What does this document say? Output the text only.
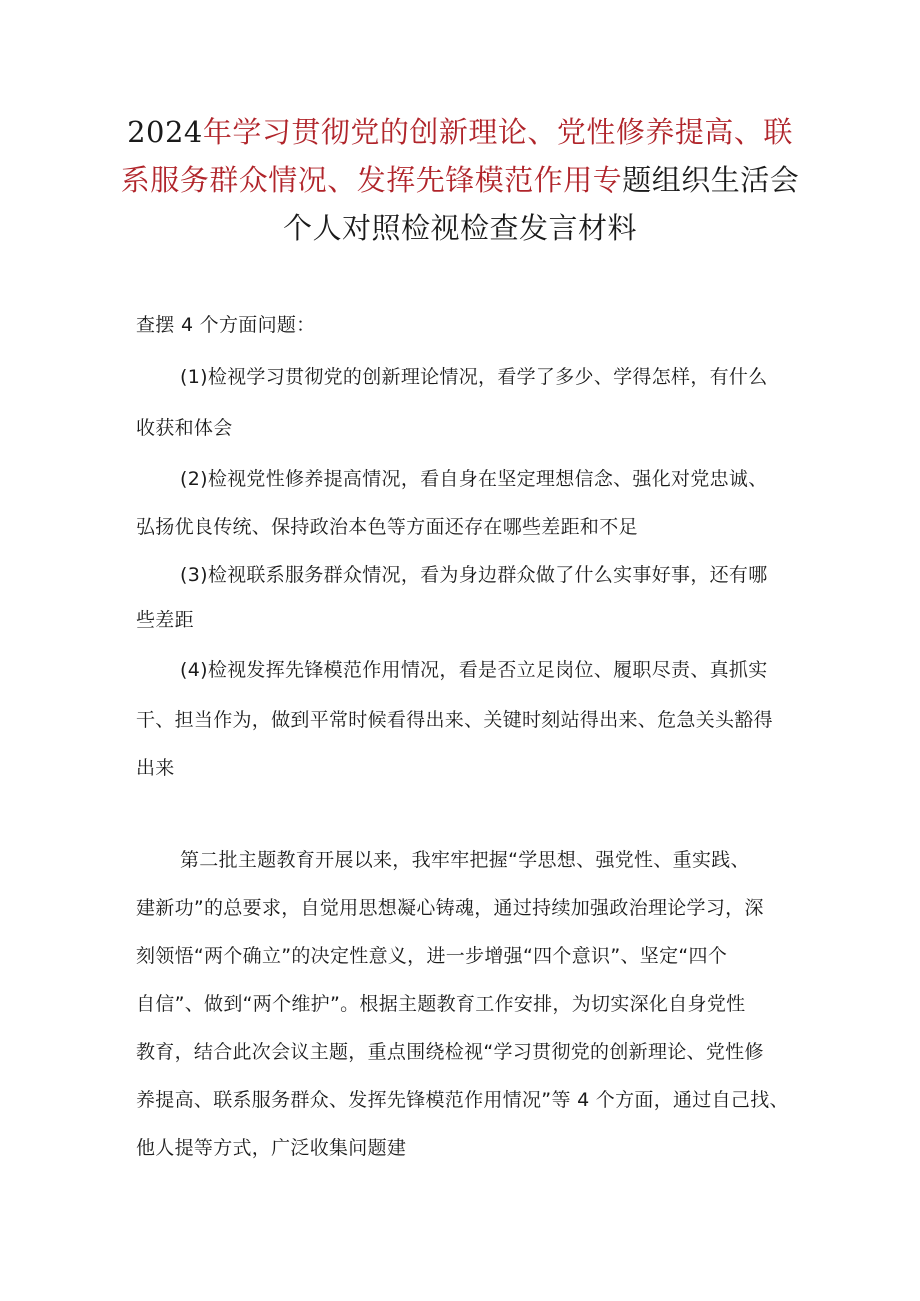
2024年学习贯彻党的创新理论、党性修养提高、联
系服务群众情况、发挥先锋模范作用专题组织生活会
个人对照检视检查发言材料
查摆 4 个方面问题：
(1)检视学习贯彻党的创新理论情况，看学了多少、学得怎样，有什么
收获和体会
(2)检视党性修养提高情况，看自身在坚定理想信念、强化对党忠诚、
弘扬优良传统、保持政治本色等方面还存在哪些差距和不足
(3)检视联系服务群众情况，看为身边群众做了什么实事好事，还有哪
些差距
(4)检视发挥先锋模范作用情况，看是否立足岗位、履职尽责、真抓实
干、担当作为，做到平常时候看得出来、关键时刻站得出来、危急关头豁得
出来
第二批主题教育开展以来，我牢牢把握“学思想、强党性、重实践、
建新功”的总要求，自觉用思想凝心铸魂，通过持续加强政治理论学习，深
刻领悟“两个确立”的决定性意义，进一步增强“四个意识”、坚定“四个
自信”、做到“两个维护”。根据主题教育工作安排，为切实深化自身党性
教育，结合此次会议主题，重点围绕检视“学习贯彻党的创新理论、党性修
养提高、联系服务群众、发挥先锋模范作用情况”等 4 个方面，通过自己找、
他人提等方式，广泛收集问题建
